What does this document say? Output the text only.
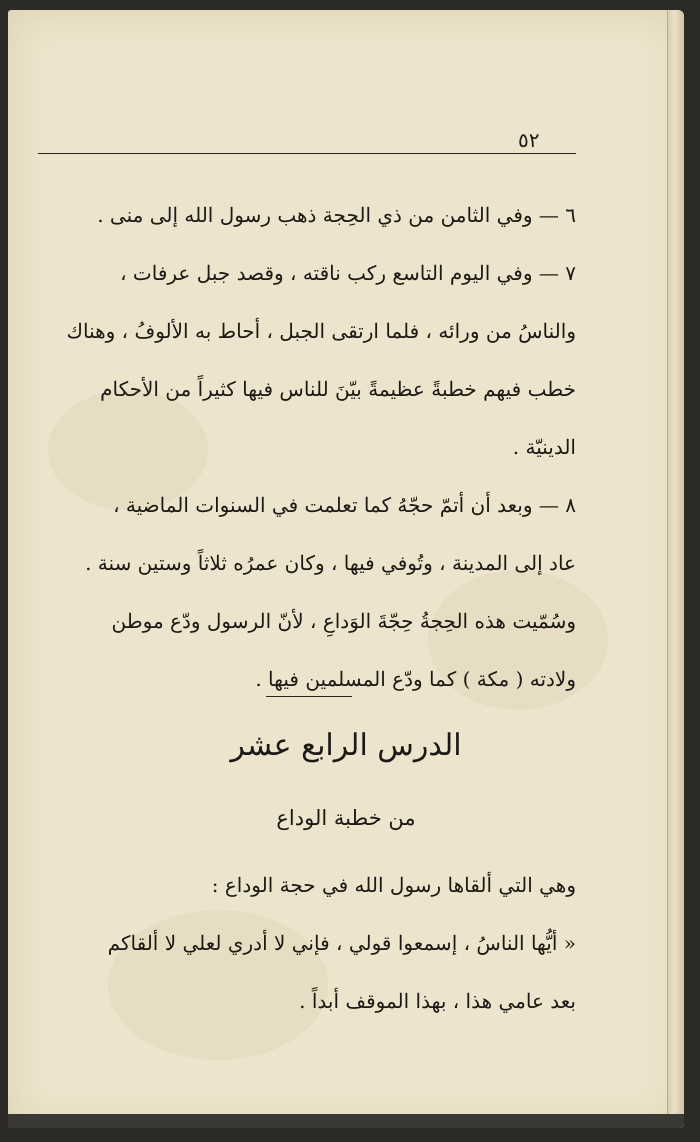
٥٢
٦ — وفي الثامن من ذي الحِجة ذهب رسول الله إلى منى .
٧ — وفي اليوم التاسع ركب ناقته ، وقصد جبل عرفات ،
والناسُ من ورائه ، فلما ارتقى الجبل ، أحاط به الألوفُ ، وهناك
خطب فيهم خطبةً عظيمةً بيّنَ للناس فيها كثيراً من الأحكام
الدينيّة .
٨ — وبعد أن أتمّ حجّهُ كما تعلمت في السنوات الماضية ،
عاد إلى المدينة ، وتُوفي فيها ، وكان عمرُه ثلاثاً وستين سنة .
وسُمّيت هذه الحِجةُ حِجّةَ الوَداعِ ، لأنّ الرسول ودّع موطن
ولادته ( مكة ) كما ودّع المسلمين فيها .
الدرس الرابع عشر
من خطبة الوداع
وهي التي ألقاها رسول الله في حجة الوداع :
« أيُّها الناسُ ، إسمعوا قولي ، فإني لا أدري لعلي لا ألقاكم
بعد عامي هذا ، بهذا الموقف أبداً .
